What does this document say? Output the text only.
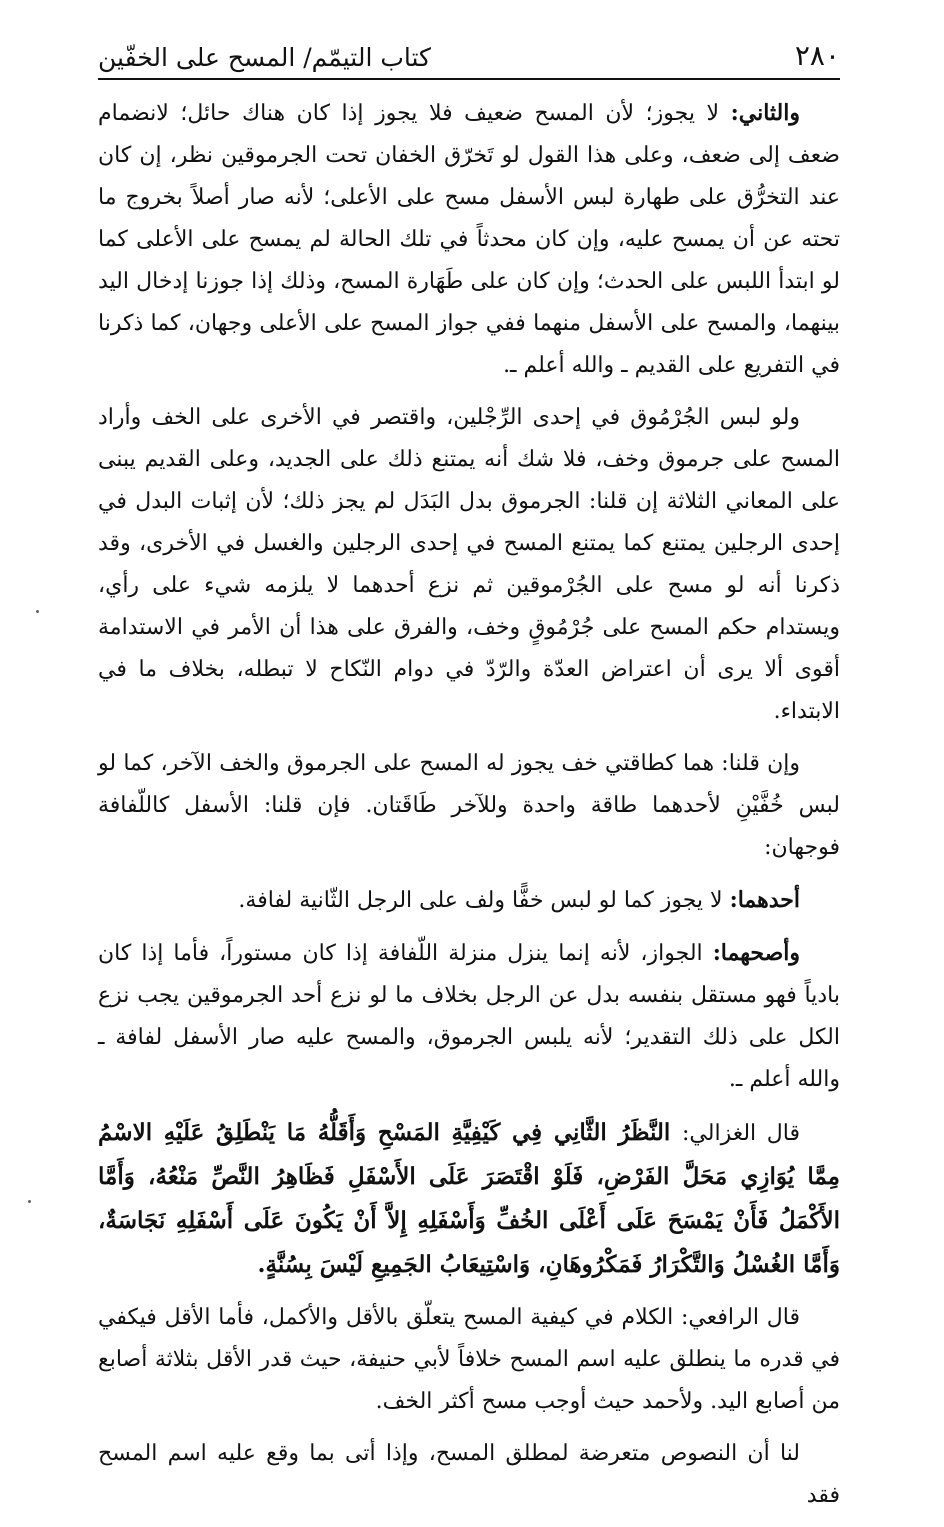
٢٨٠
كتاب التيمّم/ المسح على الخفّين

والثاني: لا يجوز؛ لأن المسح ضعيف فلا يجوز إذا كان هناك حائل؛ لانضمام ضعف إلى ضعف، وعلى هذا القول لو تَخرّق الخفان تحت الجرموقين نظر، إن كان عند التخرُّق على طهارة لبس الأسفل مسح على الأعلى؛ لأنه صار أصلاً بخروج ما تحته عن أن يمسح عليه، وإن كان محدثاً في تلك الحالة لم يمسح على الأعلى كما لو ابتدأ اللبس على الحدث؛ وإن كان على طَهَارة المسح، وذلك إذا جوزنا إدخال اليد بينهما، والمسح على الأسفل منهما ففي جواز المسح على الأعلى وجهان، كما ذكرنا في التفريع على القديم ـ والله أعلم ـ.

ولو لبس الجُرْمُوق في إحدى الرِّجْلين، واقتصر في الأخرى على الخف وأراد المسح على جرموق وخف، فلا شك أنه يمتنع ذلك على الجديد، وعلى القديم يبنى على المعاني الثلاثة إن قلنا: الجرموق بدل البَدَل لم يجز ذلك؛ لأن إثبات البدل في إحدى الرجلين يمتنع كما يمتنع المسح في إحدى الرجلين والغسل في الأخرى، وقد ذكرنا أنه لو مسح على الجُرْموقين ثم نزع أحدهما لا يلزمه شيء على رأي، ويستدام حكم المسح على جُرْمُوقٍ وخف، والفرق على هذا أن الأمر في الاستدامة أقوى ألا يرى أن اعتراض العدّة والرّدّ في دوام النّكاح لا تبطله، بخلاف ما في الابتداء.

وإن قلنا: هما كطاقتي خف يجوز له المسح على الجرموق والخف الآخر، كما لو لبس خُفَّيْنِ لأحدهما طاقة واحدة وللآخر طَاقَتان. فإن قلنا: الأسفل كاللّفافة فوجهان:

أحدهما: لا يجوز كما لو لبس خفًّا ولف على الرجل الثّانية لفافة.

وأصحهما: الجواز، لأنه إنما ينزل منزلة اللّفافة إذا كان مستوراً، فأما إذا كان بادياً فهو مستقل بنفسه بدل عن الرجل بخلاف ما لو نزع أحد الجرموقين يجب نزع الكل على ذلك التقدير؛ لأنه يلبس الجرموق، والمسح عليه صار الأسفل لفافة ـ والله أعلم ـ.

قال الغزالي: النَّظَرُ الثَّانِي فِي كَيْفِيَّةِ المَسْحِ وَأَقَلُّهُ مَا يَنْطَلِقُ عَلَيْهِ الاسْمُ مِمَّا يُوَازِي مَحَلَّ الفَرْضِ، فَلَوْ اقْتَصَرَ عَلَى الأَسْفَلِ فَظَاهِرُ النَّصِّ مَنْعُهُ، وَأَمَّا الأَكْمَلُ فَأَنْ يَمْسَحَ عَلَى أَعْلَى الخُفِّ وَأَسْفَلِهِ إِلاَّ أَنْ يَكُونَ عَلَى أَسْفَلِهِ نَجَاسَةٌ، وَأَمَّا الغُسْلُ وَالتَّكْرَارُ فَمَكْرُوهَانِ، وَاسْتِيعَابُ الجَمِيعِ لَيْسَ بِسُنَّةٍ.

قال الرافعي: الكلام في كيفية المسح يتعلّق بالأقل والأكمل، فأما الأقل فيكفي في قدره ما ينطلق عليه اسم المسح خلافاً لأبي حنيفة، حيث قدر الأقل بثلاثة أصابع من أصابع اليد. ولأحمد حيث أوجب مسح أكثر الخف.

لنا أن النصوص متعرضة لمطلق المسح، وإذا أتى بما وقع عليه اسم المسح فقد
